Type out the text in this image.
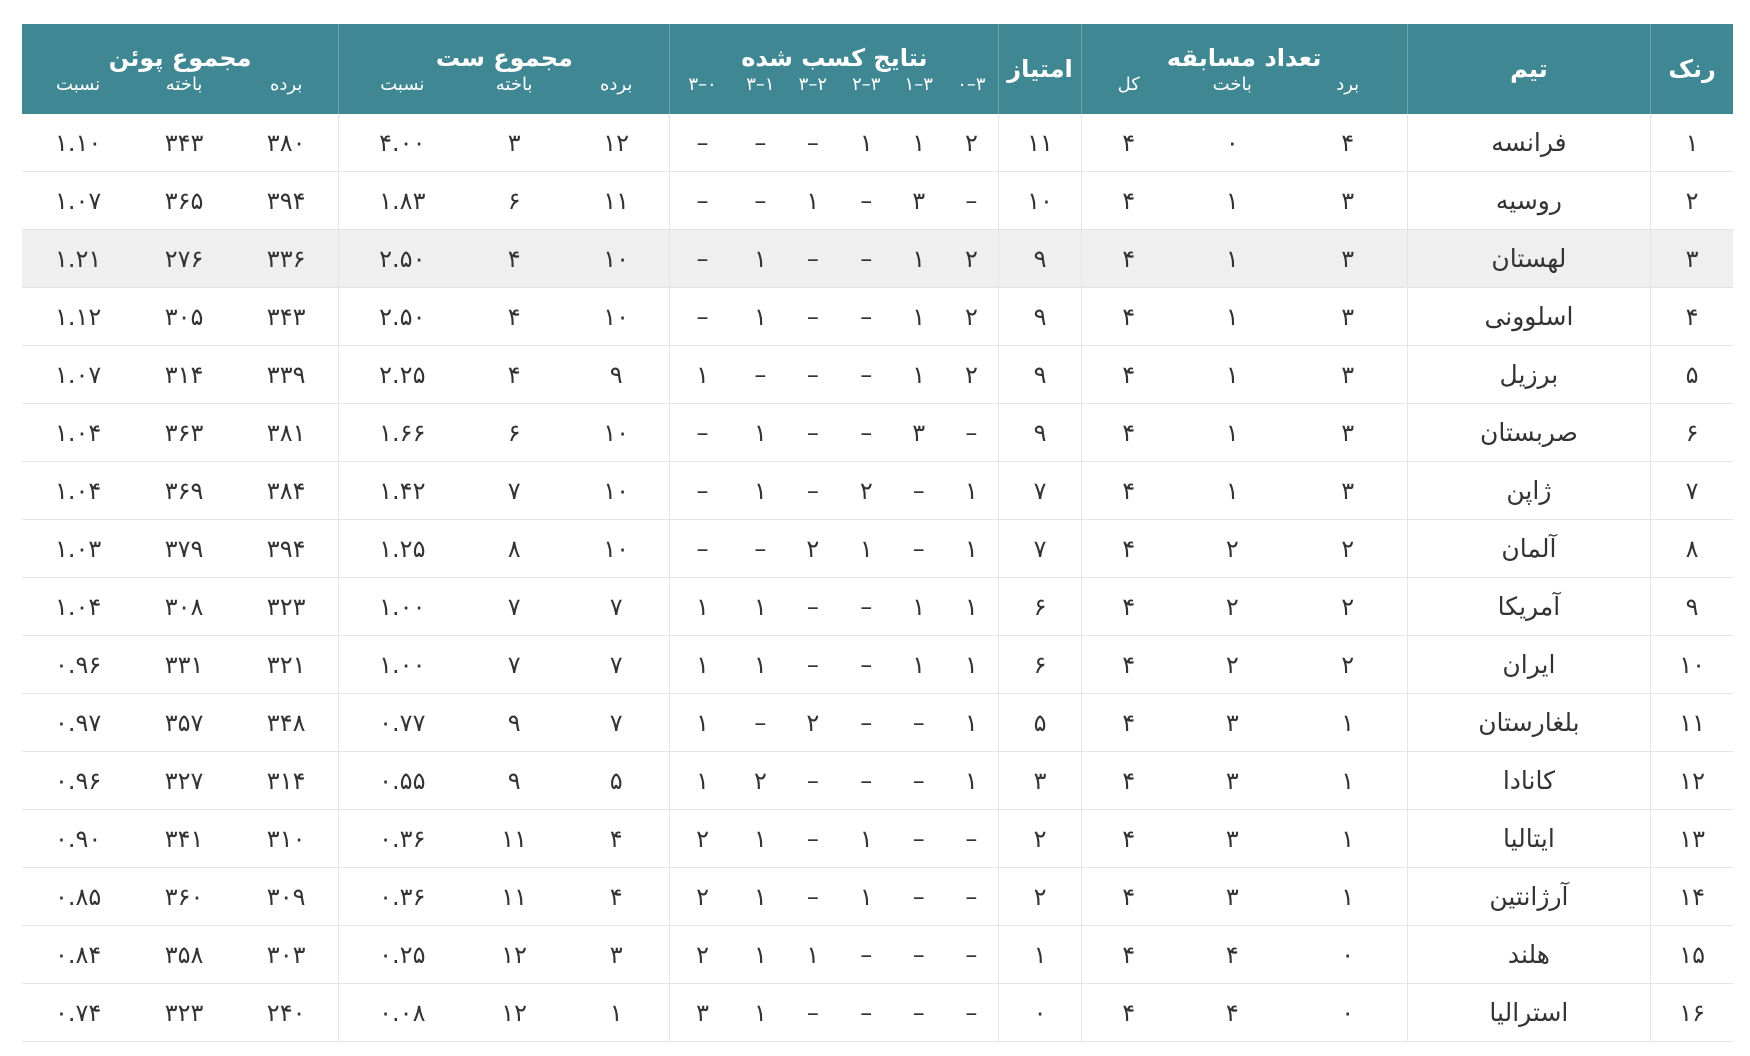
رنک	تیم	تعداد مسابقه			امتیاز	نتایج کسب شده						مجموع ست			مجموع پوئن		
		برد	باخت	کل		۳–۰	۳–۱	۳–۲	۲–۳	۱–۳	۰–۳	برده	باخته	نسبت	برده	باخته	نسبت
۱	فرانسه	۴	۰	۴	۱۱	۲	۱	۱	–	–	–	۱۲	۳	۴.۰۰	۳۸۰	۳۴۳	۱.۱۰
۲	روسیه	۳	۱	۴	۱۰	–	۳	–	۱	–	–	۱۱	۶	۱.۸۳	۳۹۴	۳۶۵	۱.۰۷
۳	لهستان	۳	۱	۴	۹	۲	۱	–	–	۱	–	۱۰	۴	۲.۵۰	۳۳۶	۲۷۶	۱.۲۱
۴	اسلوونی	۳	۱	۴	۹	۲	۱	–	–	۱	–	۱۰	۴	۲.۵۰	۳۴۳	۳۰۵	۱.۱۲
۵	برزیل	۳	۱	۴	۹	۲	۱	–	–	–	۱	۹	۴	۲.۲۵	۳۳۹	۳۱۴	۱.۰۷
۶	صربستان	۳	۱	۴	۹	–	۳	–	–	۱	–	۱۰	۶	۱.۶۶	۳۸۱	۳۶۳	۱.۰۴
۷	ژاپن	۳	۱	۴	۷	۱	–	۲	–	۱	–	۱۰	۷	۱.۴۲	۳۸۴	۳۶۹	۱.۰۴
۸	آلمان	۲	۲	۴	۷	۱	–	۱	۲	–	–	۱۰	۸	۱.۲۵	۳۹۴	۳۷۹	۱.۰۳
۹	آمریکا	۲	۲	۴	۶	۱	۱	–	–	۱	۱	۷	۷	۱.۰۰	۳۲۳	۳۰۸	۱.۰۴
۱۰	ایران	۲	۲	۴	۶	۱	۱	–	–	۱	۱	۷	۷	۱.۰۰	۳۲۱	۳۳۱	۰.۹۶
۱۱	بلغارستان	۱	۳	۴	۵	۱	–	–	۲	–	۱	۷	۹	۰.۷۷	۳۴۸	۳۵۷	۰.۹۷
۱۲	کانادا	۱	۳	۴	۳	۱	–	–	–	۲	۱	۵	۹	۰.۵۵	۳۱۴	۳۲۷	۰.۹۶
۱۳	ایتالیا	۱	۳	۴	۲	–	–	۱	–	۱	۲	۴	۱۱	۰.۳۶	۳۱۰	۳۴۱	۰.۹۰
۱۴	آرژانتین	۱	۳	۴	۲	–	–	۱	–	۱	۲	۴	۱۱	۰.۳۶	۳۰۹	۳۶۰	۰.۸۵
۱۵	هلند	۰	۴	۴	۱	–	–	–	۱	۱	۲	۳	۱۲	۰.۲۵	۳۰۳	۳۵۸	۰.۸۴
۱۶	استرالیا	۰	۴	۴	۰	–	–	–	–	۱	۳	۱	۱۲	۰.۰۸	۲۴۰	۳۲۳	۰.۷۴
